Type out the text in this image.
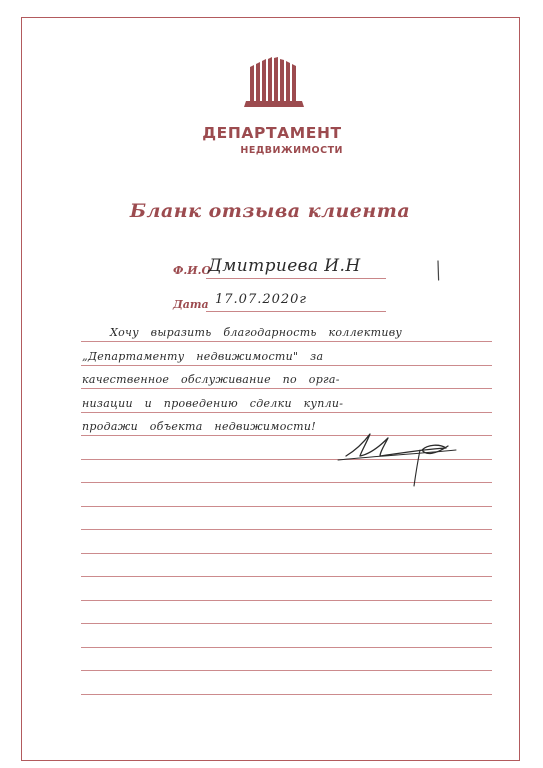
ДЕПАРТАМЕНТ
НЕДВИЖИМОСТИ
Бланк отзыва клиента
Ф.И.О
Дмитриева И.Н
Дата 17.07.2020г
Хочу выразить благодарность коллективу
„Департаменту недвижимости" за
качественное обслуживание по орга-
низации и проведению сделки купли-
продажи объекта недвижимости!
